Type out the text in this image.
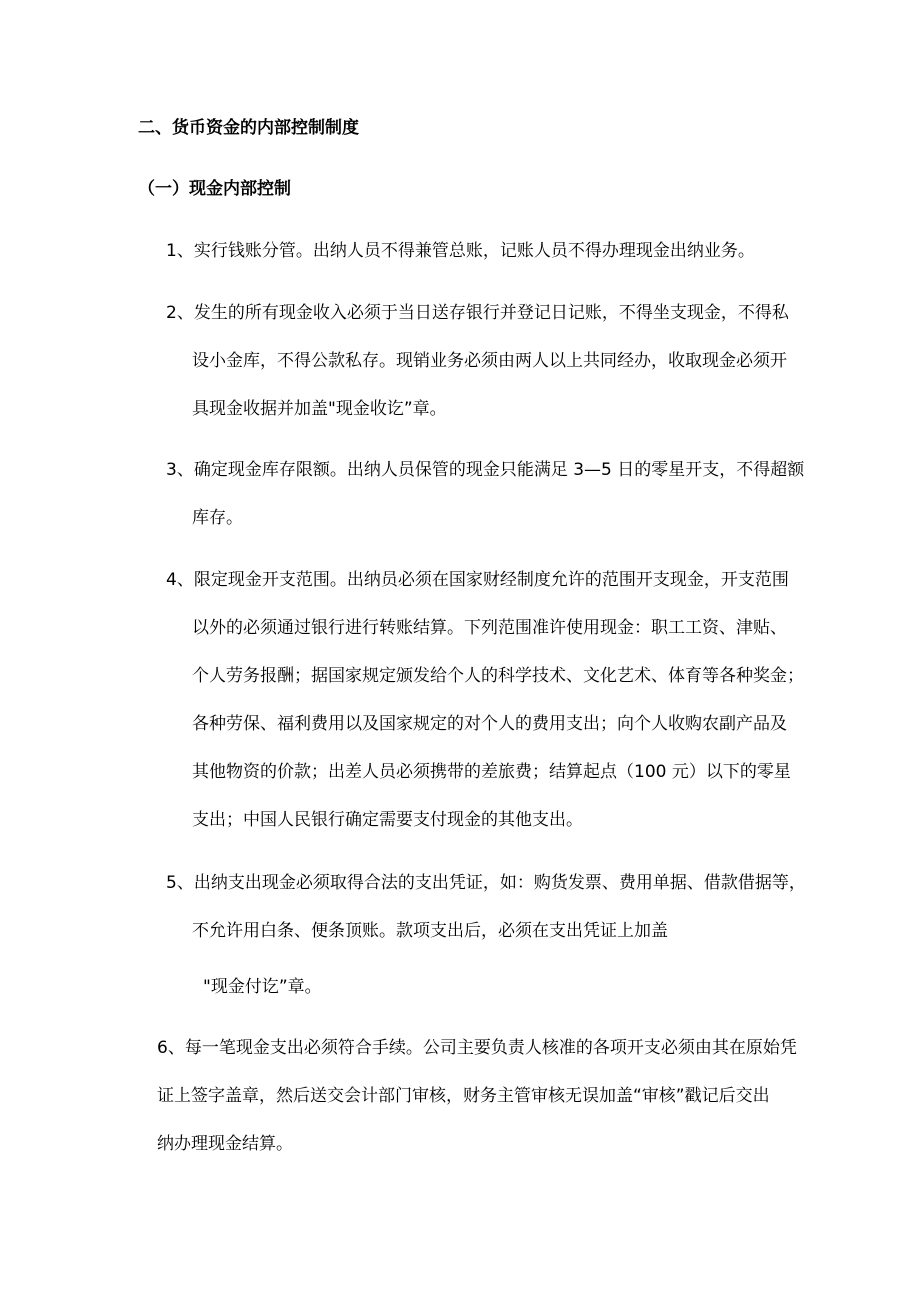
二、货币资金的内部控制制度
（一）现金内部控制
1、实行钱账分管。出纳人员不得兼管总账，记账人员不得办理现金出纳业务。
2、发生的所有现金收入必须于当日送存银行并登记日记账，不得坐支现金，不得私
设小金库，不得公款私存。现销业务必须由两人以上共同经办，收取现金必须开
具现金收据并加盖"现金收讫”章。
3、确定现金库存限额。出纳人员保管的现金只能满足 3—5 日的零星开支，不得超额
库存。
4、限定现金开支范围。出纳员必须在国家财经制度允许的范围开支现金，开支范围
以外的必须通过银行进行转账结算。下列范围准许使用现金：职工工资、津贴、
个人劳务报酬；据国家规定颁发给个人的科学技术、文化艺术、体育等各种奖金；
各种劳保、福利费用以及国家规定的对个人的费用支出；向个人收购农副产品及
其他物资的价款；出差人员必须携带的差旅费；结算起点（100 元）以下的零星
支出；中国人民银行确定需要支付现金的其他支出。
5、出纳支出现金必须取得合法的支出凭证，如：购货发票、费用单据、借款借据等，
不允许用白条、便条顶账。款项支出后，必须在支出凭证上加盖
"现金付讫”章。
6、每一笔现金支出必须符合手续。公司主要负责人核准的各项开支必须由其在原始凭
证上签字盖章，然后送交会计部门审核，财务主管审核无误加盖“审核”戳记后交出
纳办理现金结算。
